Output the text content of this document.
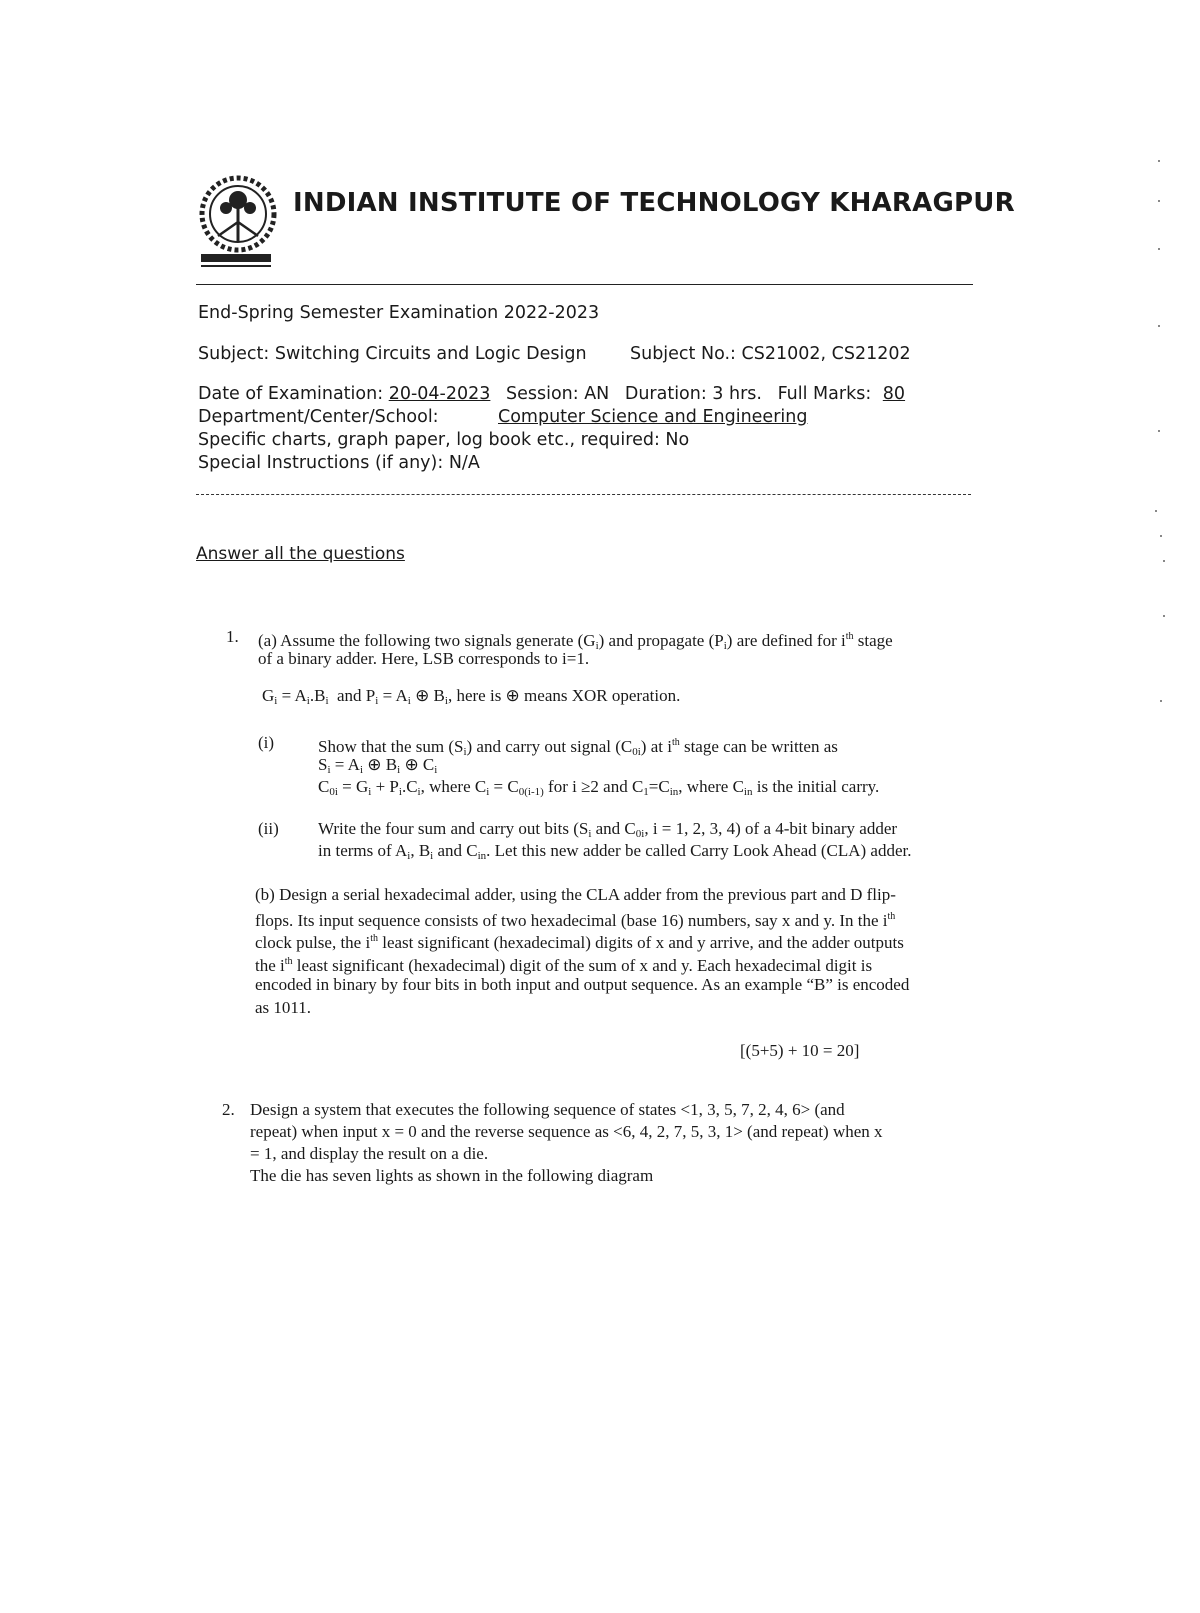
INDIAN INSTITUTE OF TECHNOLOGY KHARAGPUR
End-Spring Semester Examination 2022-2023
Subject: Switching Circuits and Logic Design Subject No.: CS21002, CS21202
Date of Examination: 20-04-2023 Session: AN Duration: 3 hrs. Full Marks: 80
Department/Center/School:	Computer Science and Engineering
Specific charts, graph paper, log book etc., required: No
Special Instructions (if any): N/A
Answer all the questions
1. (a) Assume the following two signals generate $(G_i)$ and propagate $(P_i)$ are defined for $i^{th}$ stage
of a binary adder. Here, LSB corresponds to i=1.
$G_i = A_i.B_i$ and $P_i = A_i$ ⊕ $B_i$, here is ⊕ means XOR operation.
(i)	Show that the sum $(S_i)$ and carry out signal $(C_{0i})$ at $i^{th}$ stage can be written as
$S_i = A_i$ ⊕ $B_i$ ⊕ $C_i$
$C_{0i} = G_i + P_i.C_i$, where $C_i = C_{0(i-1)}$ for i ≥2 and $C_1=C_{in}$, where $C_{in}$ is the initial carry.
(ii) Write the four sum and carry out bits ($S_i$ and $C_{0i}$, i = 1, 2, 3, 4) of a 4-bit binary adder
in terms of $A_i$, $B_i$ and $C_{in}$. Let this new adder be called Carry Look Ahead (CLA) adder.
(b) Design a serial hexadecimal adder, using the CLA adder from the previous part and D flip-
flops. Its input sequence consists of two hexadecimal (base 16) numbers, say x and y. In the $i^{th}$
clock pulse, the $i^{th}$ least significant (hexadecimal) digits of x and y arrive, and the adder outputs
the $i^{th}$ least significant (hexadecimal) digit of the sum of x and y. Each hexadecimal digit is
encoded in binary by four bits in both input and output sequence. As an example “B” is encoded
as 1011.
[(5+5) + 10 = 20]
2. Design a system that executes the following sequence of states <1, 3, 5, 7, 2, 4, 6> (and
repeat) when input x = 0 and the reverse sequence as <6, 4, 2, 7, 5, 3, 1> (and repeat) when x
= 1, and display the result on a die.
The die has seven lights as shown in the following diagram
